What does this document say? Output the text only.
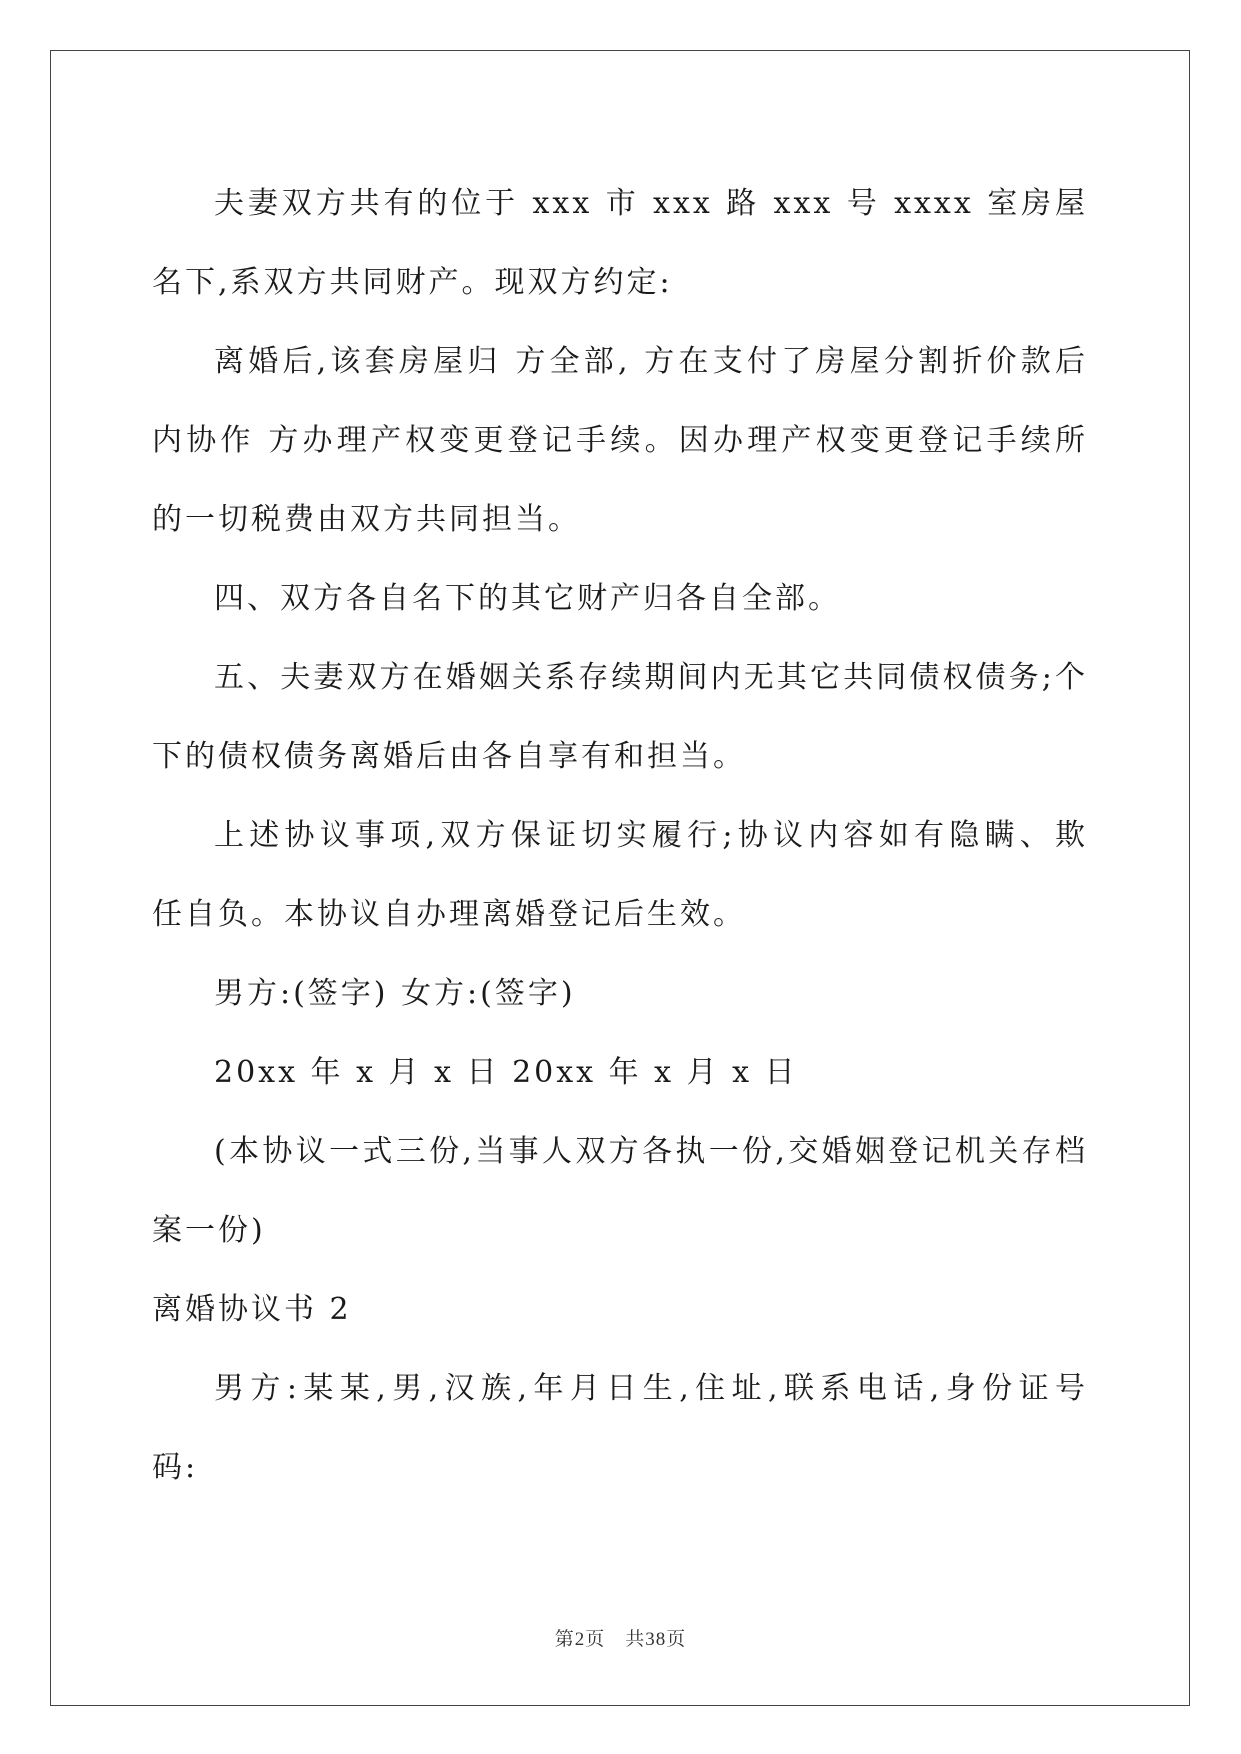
夫妻双方共有的位于 xxx 市 xxx 路 xxx 号 xxxx 室房屋

名下,系双方共同财产。现双方约定:

离婚后,该套房屋归 方全部, 方在支付了房屋分割折价款后

内协作 方办理产权变更登记手续。因办理产权变更登记手续所

的一切税费由双方共同担当。

四、双方各自名下的其它财产归各自全部。

五、夫妻双方在婚姻关系存续期间内无其它共同债权债务;个

下的债权债务离婚后由各自享有和担当。

上述协议事项,双方保证切实履行;协议内容如有隐瞒、欺

任自负。本协议自办理离婚登记后生效。

男方:(签字) 女方:(签字)

20xx 年 x 月 x 日 20xx 年 x 月 x 日

(本协议一式三份,当事人双方各执一份,交婚姻登记机关存档

案一份)

离婚协议书 2

男方:某某,男,汉族,年月日生,住址,联系电话,身份证号

码:

第2页　共38页
